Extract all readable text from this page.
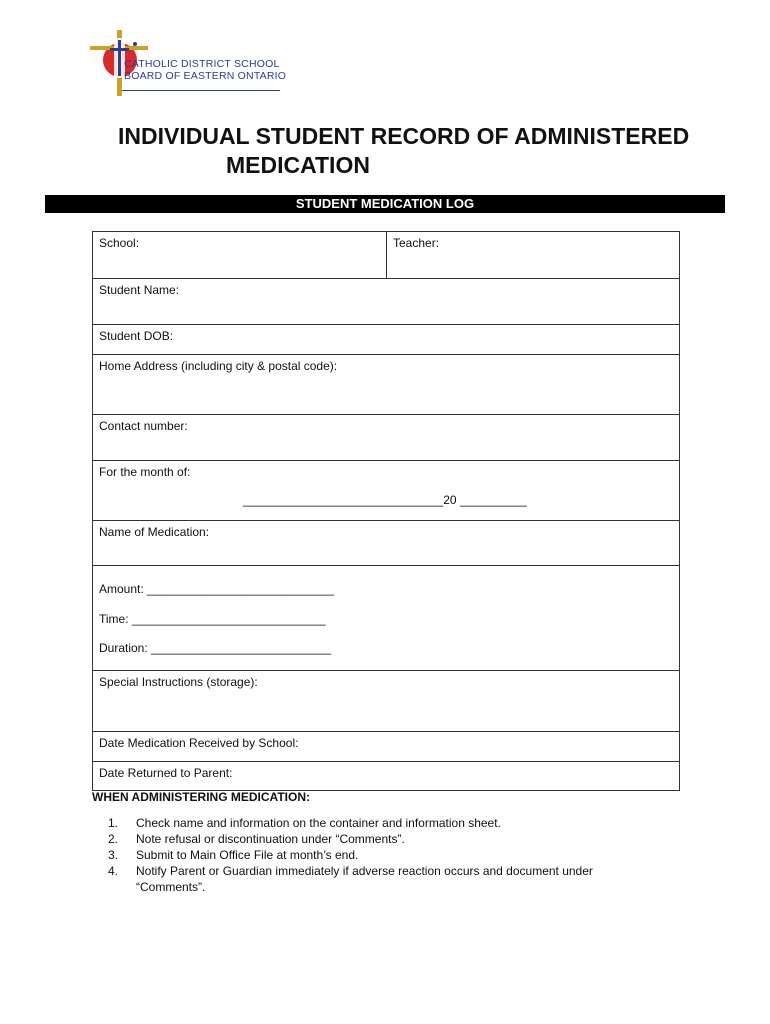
CATHOLIC DISTRICT SCHOOL
BOARD OF EASTERN ONTARIO
INDIVIDUAL STUDENT RECORD OF ADMINISTERED
MEDICATION
STUDENT MEDICATION LOG
School:	Teacher:
Student Name:
Student DOB:
Home Address (including city & postal code):
Contact number:
For the month of:
______________________________20 __________
Name of Medication:
Amount: ____________________________
Time: _____________________________
Duration: ___________________________
Special Instructions (storage):
Date Medication Received by School:
Date Returned to Parent:
WHEN ADMINISTERING MEDICATION:
1.	Check name and information on the container and information sheet.
2.	Note refusal or discontinuation under “Comments”.
3.	Submit to Main Office File at month’s end.
4.	Notify Parent or Guardian immediately if adverse reaction occurs and document under “Comments”.
